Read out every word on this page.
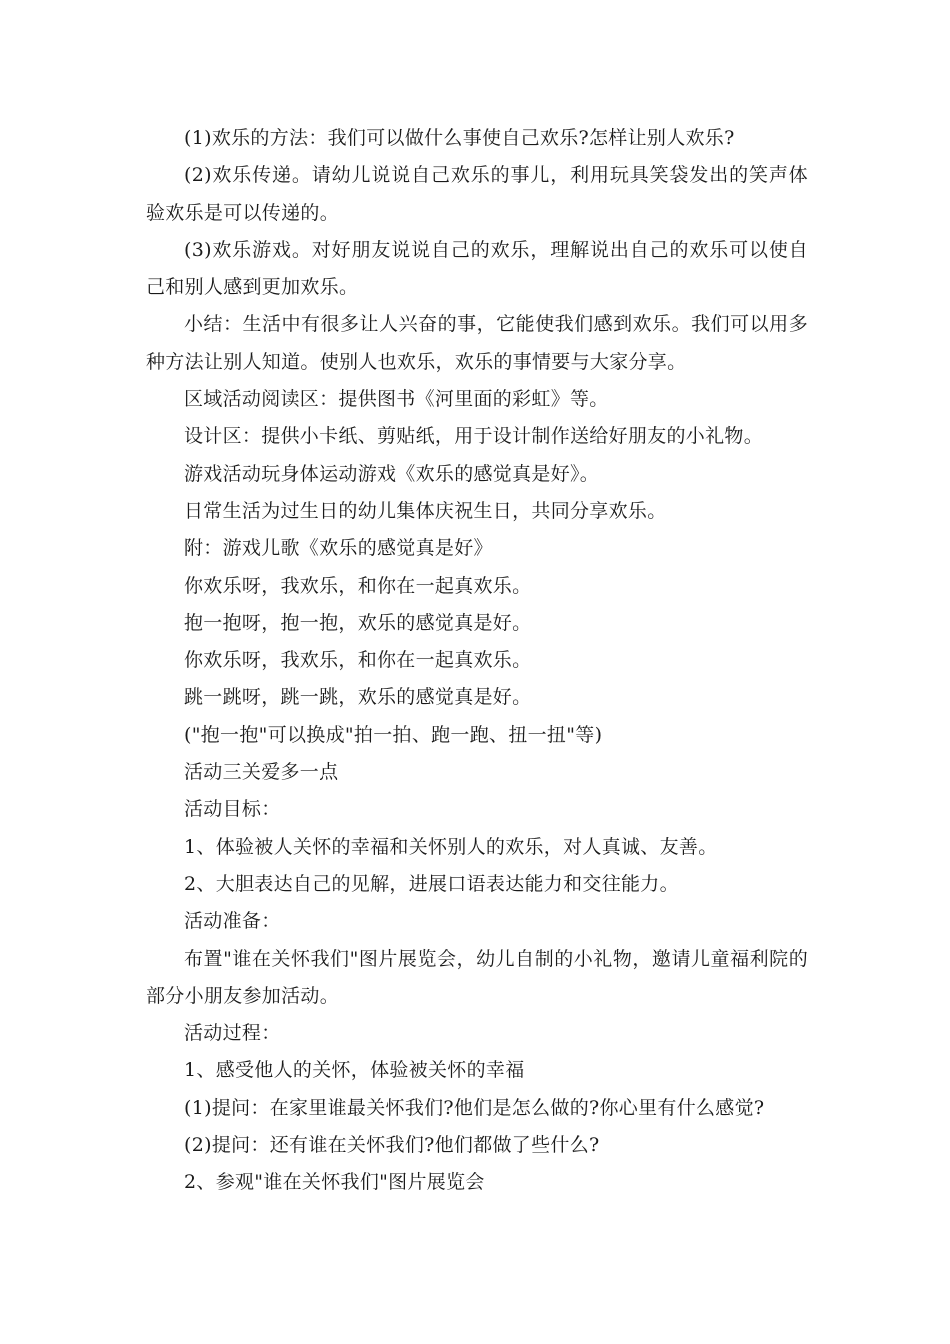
(1)欢乐的方法：我们可以做什么事使自己欢乐?怎样让别人欢乐?

(2)欢乐传递。请幼儿说说自己欢乐的事儿，利用玩具笑袋发出的笑声体验欢乐是可以传递的。

(3)欢乐游戏。对好朋友说说自己的欢乐，理解说出自己的欢乐可以使自己和别人感到更加欢乐。

小结：生活中有很多让人兴奋的事，它能使我们感到欢乐。我们可以用多种方法让别人知道。使别人也欢乐，欢乐的事情要与大家分享。

区域活动阅读区：提供图书《河里面的彩虹》等。

设计区：提供小卡纸、剪贴纸，用于设计制作送给好朋友的小礼物。

游戏活动玩身体运动游戏《欢乐的感觉真是好》。

日常生活为过生日的幼儿集体庆祝生日，共同分享欢乐。

附：游戏儿歌《欢乐的感觉真是好》

你欢乐呀，我欢乐，和你在一起真欢乐。

抱一抱呀，抱一抱，欢乐的感觉真是好。

你欢乐呀，我欢乐，和你在一起真欢乐。

跳一跳呀，跳一跳，欢乐的感觉真是好。

("抱一抱"可以换成"拍一拍、跑一跑、扭一扭"等)

活动三关爱多一点

活动目标：

1、体验被人关怀的幸福和关怀别人的欢乐，对人真诚、友善。

2、大胆表达自己的见解，进展口语表达能力和交往能力。

活动准备：

布置"谁在关怀我们"图片展览会，幼儿自制的小礼物，邀请儿童福利院的部分小朋友参加活动。

活动过程：

1、感受他人的关怀，体验被关怀的幸福

(1)提问：在家里谁最关怀我们?他们是怎么做的?你心里有什么感觉?

(2)提问：还有谁在关怀我们?他们都做了些什么?

2、参观"谁在关怀我们"图片展览会
